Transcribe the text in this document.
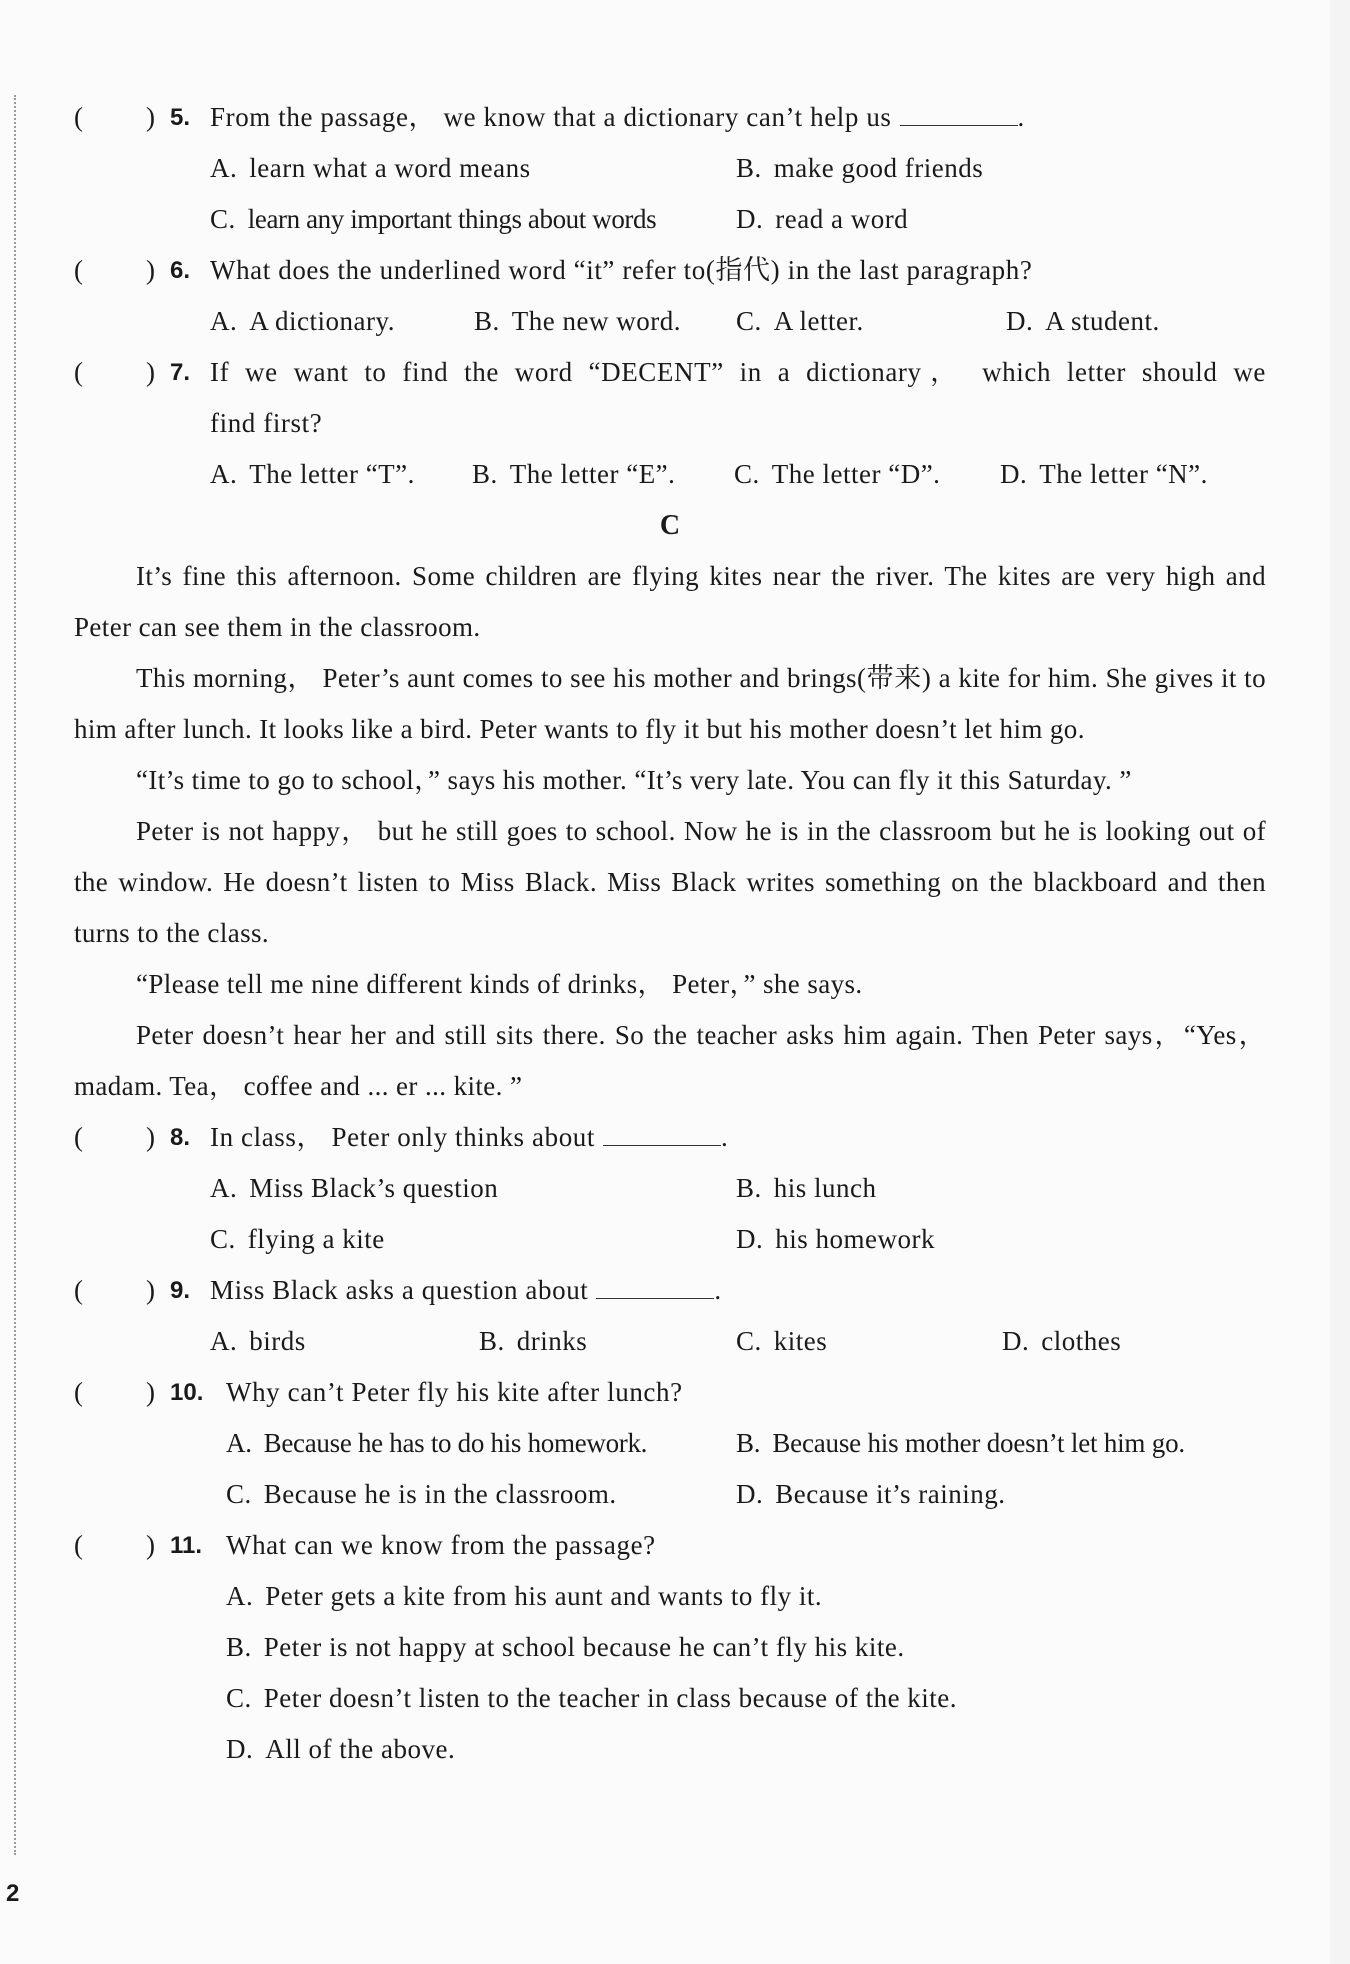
( ) 5. From the passage， we know that a dictionary can’t help us	.
A. learn what a word means	B. make good friends
C. learn any important things about words	D. read a word
( ) 6. What does the underlined word “it” refer to(指代) in the last paragraph?
A. A dictionary.	B. The new word. C. A letter.	D. A student.
( ) 7. If we want to find the word “DECENT” in a dictionary， which letter should we
find first?
A. The letter “T”. B. The letter “E”. C. The letter “D”. D. The letter “N”.
C

It’s fine this afternoon. Some children are flying kites near the river. The kites are very high and Peter can see them in the classroom.

This morning， Peter’s aunt comes to see his mother and brings(带来) a kite for him. She gives it to him after lunch. It looks like a bird. Peter wants to fly it but his mother doesn’t let him go.

“It’s time to go to school，” says his mother. “It’s very late. You can fly it this Saturday. ”

Peter is not happy， but he still goes to school. Now he is in the classroom but he is looking out of the window. He doesn’t listen to Miss Black. Miss Black writes something on the blackboard and then turns to the class.

“Please tell me nine different kinds of drinks， Peter，” she says.

Peter doesn’t hear her and still sits there. So the teacher asks him again. Then Peter says，“Yes， madam. Tea， coffee and ... er ... kite. ”

( ) 8. In class， Peter only thinks about	.
A. Miss Black’s question	B. his lunch
C. flying a kite	D. his homework
( ) 9. Miss Black asks a question about	.
A. birds	B. drinks	C. kites	D. clothes
( ) 10. Why can’t Peter fly his kite after lunch?
A. Because he has to do his homework.	B. Because his mother doesn’t let him go.
C. Because he is in the classroom.	D. Because it’s raining.
( ) 11. What can we know from the passage?
A. Peter gets a kite from his aunt and wants to fly it.
B. Peter is not happy at school because he can’t fly his kite.
C. Peter doesn’t listen to the teacher in class because of the kite.
D. All of the above.
2
